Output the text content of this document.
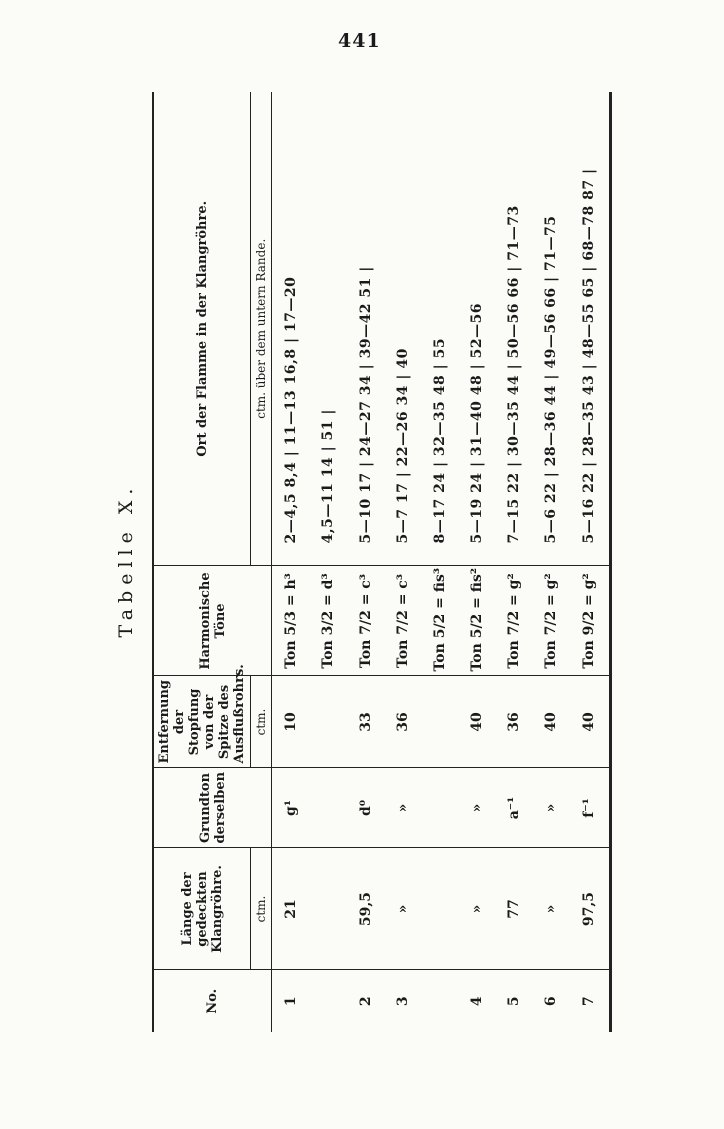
441
Tabelle X.
No.	Länge der gedeckten Klangröhre.	Grundton derselben	Entfernung der Stopfung von der Spitze des Ausflußrohrs.	Harmonische Töne	Ort der Flamme in der Klangröhre.
	ctm.		ctm.		ctm. über dem untern Rande.
1	21	g¹	10	Ton 5/3 = h³	2—4,5 8,4 | 11—13 16,8 | 17—20
				Ton 3/2 = d³	4,5—11 14 | 51 |
2	59,5	d⁰	33	Ton 7/2 = c³	5—10 17 | 24—27 34 | 39—42 51 |
3	»	»	36	Ton 7/2 = c³	5—7 17 | 22—26 34 | 40
				Ton 5/2 = fis³	8—17 24 | 32—35 48 | 55
4	»	»	40	Ton 5/2 = fis²	5—19 24 | 31—40 48 | 52—56
5	77	a⁻¹	36	Ton 7/2 = g²	7—15 22 | 30—35 44 | 50—56 66 | 71—73
6	»	»	40	Ton 7/2 = g²	5—6 22 | 28—36 44 | 49—56 66 | 71—75
7	97,5	f⁻¹	40	Ton 9/2 = g²	5—16 22 | 28—35 43 | 48—55 65 | 68—78 87 |
